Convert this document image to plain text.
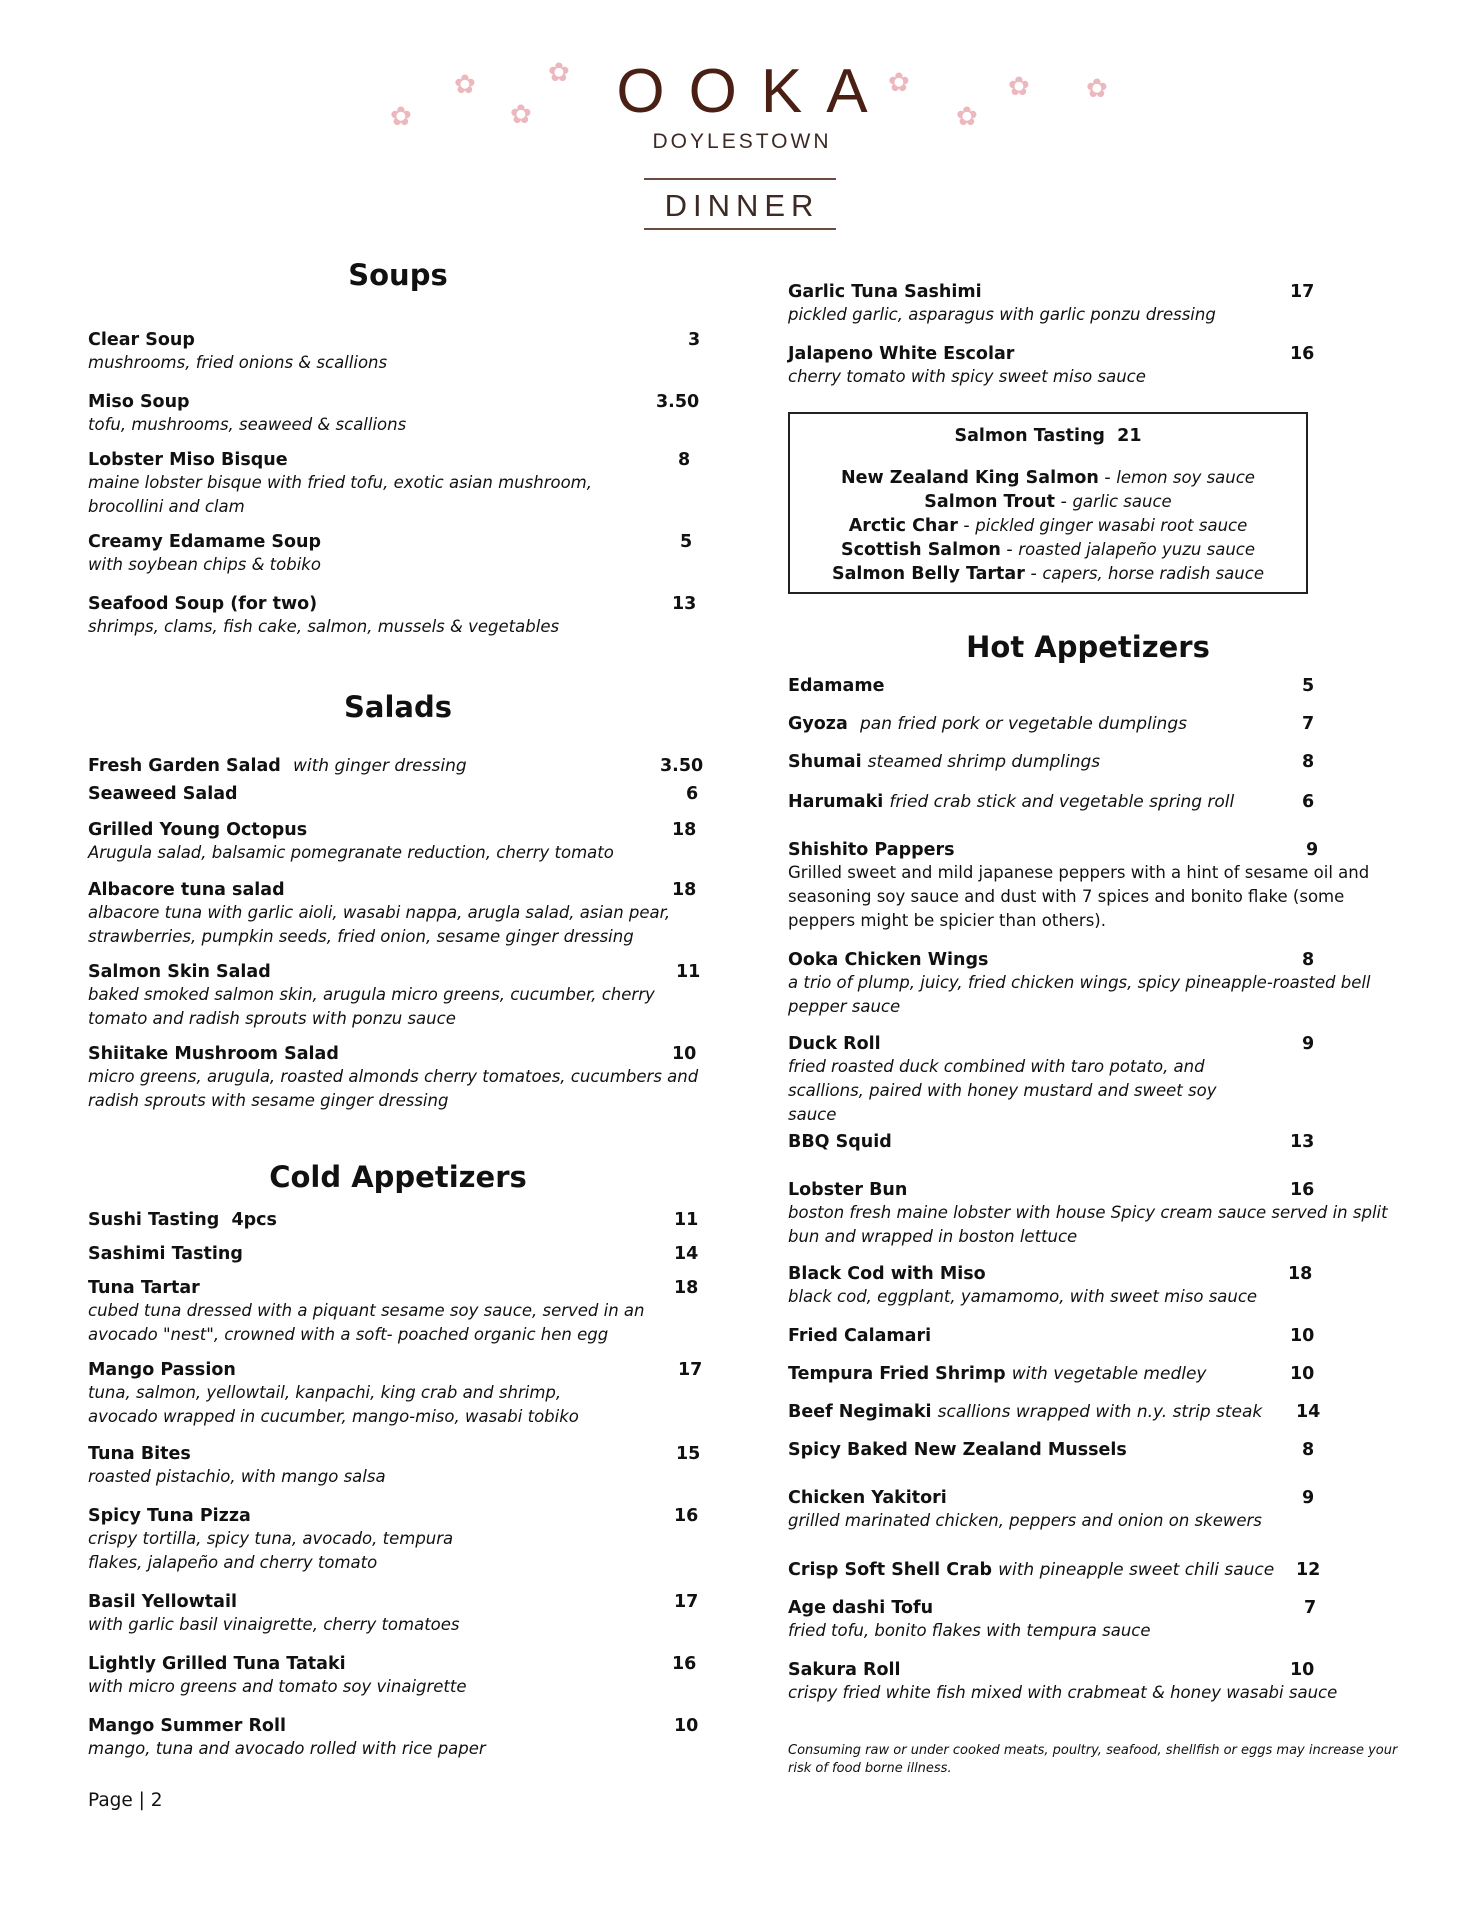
✿
✿
✿
✿	✿
✿
✿ ✿
OOKA
DOYLESTOWN
DINNER
Soups
Clear Soup	3
mushrooms, fried onions & scallions
Miso Soup	3.50
tofu, mushrooms, seaweed & scallions
Lobster Miso Bisque	8
maine lobster bisque with fried tofu, exotic asian mushroom, brocollini and clam
Creamy Edamame Soup	5
with soybean chips & tobiko
Seafood Soup (for two)	13
shrimps, clams, fish cake, salmon, mussels & vegetables
Salads
Fresh Garden Salad with ginger dressing	3.50
Seaweed Salad	6
Grilled Young Octopus	18
Arugula salad, balsamic pomegranate reduction, cherry tomato
Albacore tuna salad	18
albacore tuna with garlic aioli, wasabi nappa, arugla salad, asian pear, strawberries, pumpkin seeds, fried onion, sesame ginger dressing
Salmon Skin Salad	11
baked smoked salmon skin, arugula micro greens, cucumber, cherry tomato and radish sprouts with ponzu sauce
Shiitake Mushroom Salad	10
micro greens, arugula, roasted almonds cherry tomatoes, cucumbers and radish sprouts with sesame ginger dressing
Cold Appetizers
Sushi Tasting  4pcs	11
Sashimi Tasting	14
Tuna Tartar	18
cubed tuna dressed with a piquant sesame soy sauce, served in an avocado "nest", crowned with a soft- poached organic hen egg
Mango Passion	17
tuna, salmon, yellowtail, kanpachi, king crab and shrimp, avocado wrapped in cucumber, mango-miso, wasabi tobiko
Tuna Bites	15
roasted pistachio, with mango salsa
Spicy Tuna Pizza	16
crispy tortilla, spicy tuna, avocado, tempura flakes, jalapeño and cherry tomato
Basil Yellowtail	17
with garlic basil vinaigrette, cherry tomatoes
Lightly Grilled Tuna Tataki	16
with micro greens and tomato soy vinaigrette
Mango Summer Roll	10
mango, tuna and avocado rolled with rice paper
Garlic Tuna Sashimi	17
pickled garlic, asparagus with garlic ponzu dressing
Jalapeno White Escolar	16
cherry tomato with spicy sweet miso sauce
Hot Appetizers
Edamame	5
Gyoza pan fried pork or vegetable dumplings	7
Shumai steamed shrimp dumplings	8
Harumaki fried crab stick and vegetable spring roll	6
Shishito Pappers	9
Grilled sweet and mild japanese peppers with a hint of sesame oil and seasoning soy sauce and dust with 7 spices and bonito flake (some peppers might be spicier than others).
Ooka Chicken Wings	8
a trio of plump, juicy, fried chicken wings, spicy pineapple-roasted bell pepper sauce
Duck Roll	9
fried roasted duck combined with taro potato, and scallions, paired with honey mustard and sweet soy sauce
BBQ Squid	13
Lobster Bun	16
boston fresh maine lobster with house Spicy cream sauce served in split bun and wrapped in boston lettuce
Black Cod with Miso	18
black cod, eggplant, yamamomo, with sweet miso sauce
Fried Calamari	10
Tempura Fried Shrimp with vegetable medley	10
Beef Negimaki scallions wrapped with n.y. strip steak	14
Spicy Baked New Zealand Mussels	8
Chicken Yakitori	9
grilled marinated chicken, peppers and onion on skewers
Crisp Soft Shell Crab with pineapple sweet chili sauce	12
Age dashi Tofu	7
fried tofu, bonito flakes with tempura sauce
Sakura Roll	10
crispy fried white fish mixed with crabmeat & honey wasabi sauce
Salmon Tasting  21
New Zealand King Salmon - lemon soy sauce
Salmon Trout - garlic sauce
Arctic Char - pickled ginger wasabi root sauce
Scottish Salmon - roasted jalapeño yuzu sauce
Salmon Belly Tartar - capers, horse radish sauce
Page | 2
Consuming raw or under cooked meats, poultry, seafood, shellfish or eggs may increase your risk of food borne illness.
